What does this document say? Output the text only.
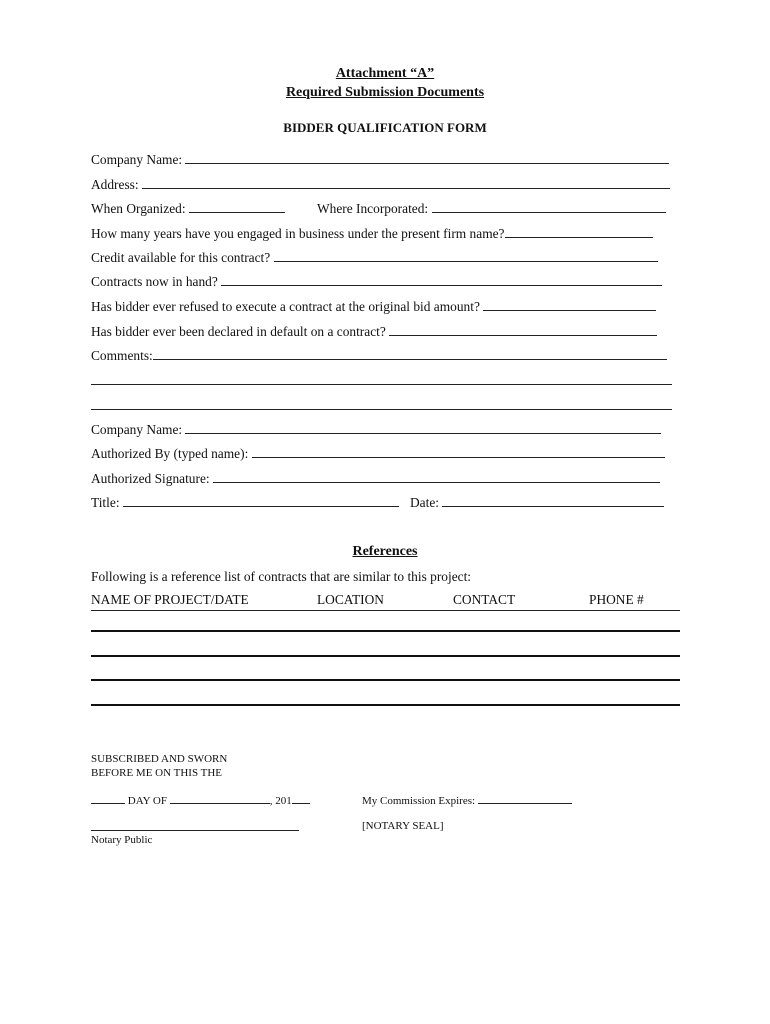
Attachment “A”
Required Submission Documents
BIDDER QUALIFICATION FORM
Company Name:
Address:
When Organized:	Where Incorporated:
How many years have you engaged in business under the present firm name?
Credit available for this contract?
Contracts now in hand?
Has bidder ever refused to execute a contract at the original bid amount?
Has bidder ever been declared in default on a contract?
Comments:
Company Name:
Authorized By (typed name):
Authorized Signature:
Title:	Date:
References
Following is a reference list of contracts that are similar to this project:
NAME OF PROJECT/DATE	LOCATION	CONTACT	PHONE #
SUBSCRIBED AND SWORN
BEFORE ME ON THIS THE
DAY OF	, 201	My Commission Expires:
[NOTARY SEAL]
Notary Public
